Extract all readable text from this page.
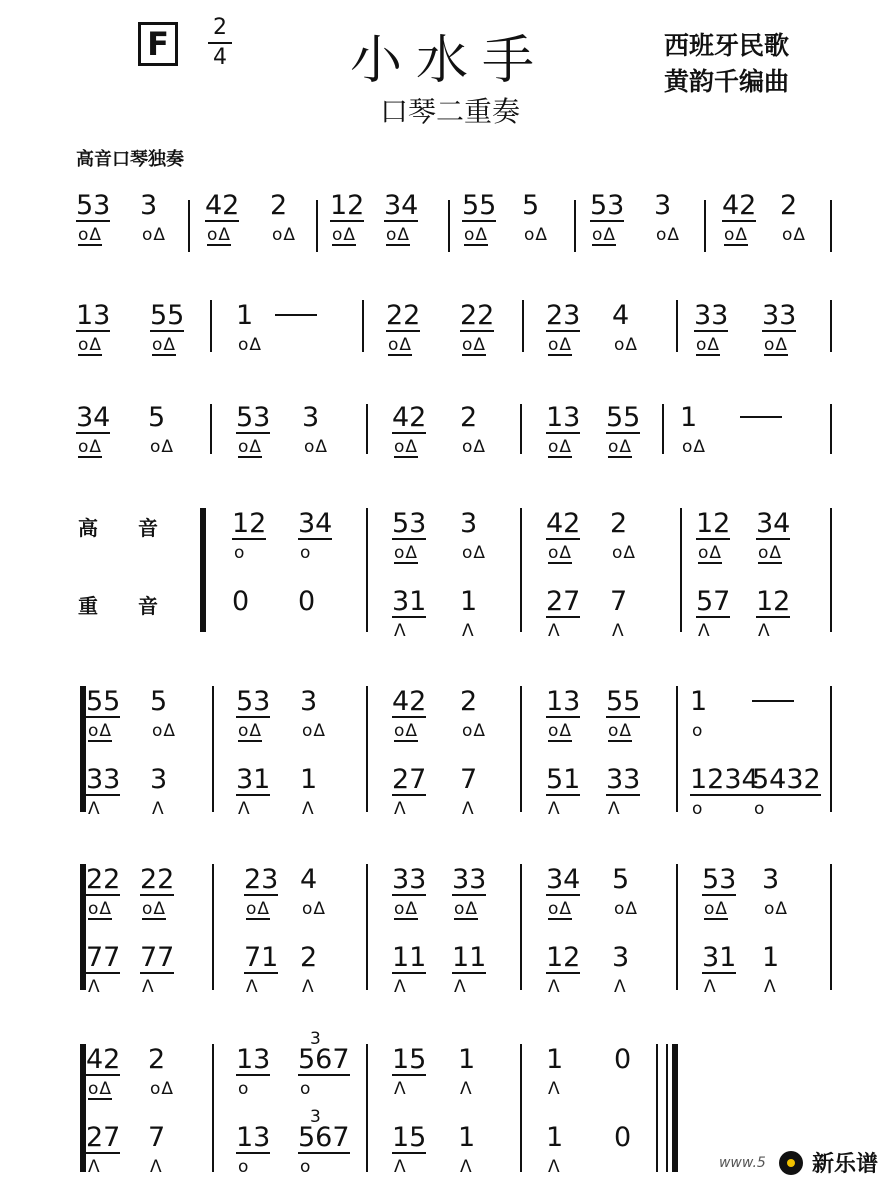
F	2
4 小水手
口琴二重奏
西班牙民歌
黄韵千编曲
高音口琴独奏
53
oΔ
3
oΔ
42
oΔ
2
oΔ
12
oΔ
34
oΔ
55
oΔ
5
oΔ
53
oΔ
3
oΔ
42
oΔ
2
oΔ
13
oΔ
55
oΔ
1
oΔ
22
oΔ
22
oΔ
23
oΔ
4
oΔ
33
oΔ
33
oΔ
34
oΔ
5
oΔ
53
oΔ
3
oΔ
42
oΔ
2
oΔ
13
oΔ
55
oΔ
1
oΔ
12
o
34
o
53
oΔ
3
oΔ
42
oΔ
2
oΔ
12
oΔ
34
oΔ
0 0	31
Λ
1
Λ
27
Λ
7
Λ
57
Λ
12
Λ
55
oΔ
5
oΔ
53
oΔ
3
oΔ
42
oΔ
2
oΔ
13
oΔ
55
oΔ
1
o
33
Λ
3
Λ
31
Λ
1
Λ
27
Λ
7
Λ
51
Λ
33
Λ
1234
o
5432
o
22
oΔ
22
oΔ
23
oΔ
4
oΔ
33
oΔ
33
oΔ
34
oΔ
5
oΔ
53
oΔ
3
oΔ
77
Λ
77
Λ
71
Λ
2
Λ
11
Λ
11
Λ
12
Λ
3
Λ
31
Λ
1
Λ
42
oΔ
2
oΔ
13
o
567
o
15
Λ
1
Λ
1
Λ
0
27
Λ
7
Λ
13
o
567
o
15
Λ
1
Λ
1
Λ
0
3
3
高　　音
重　　音
www.5 新乐谱
